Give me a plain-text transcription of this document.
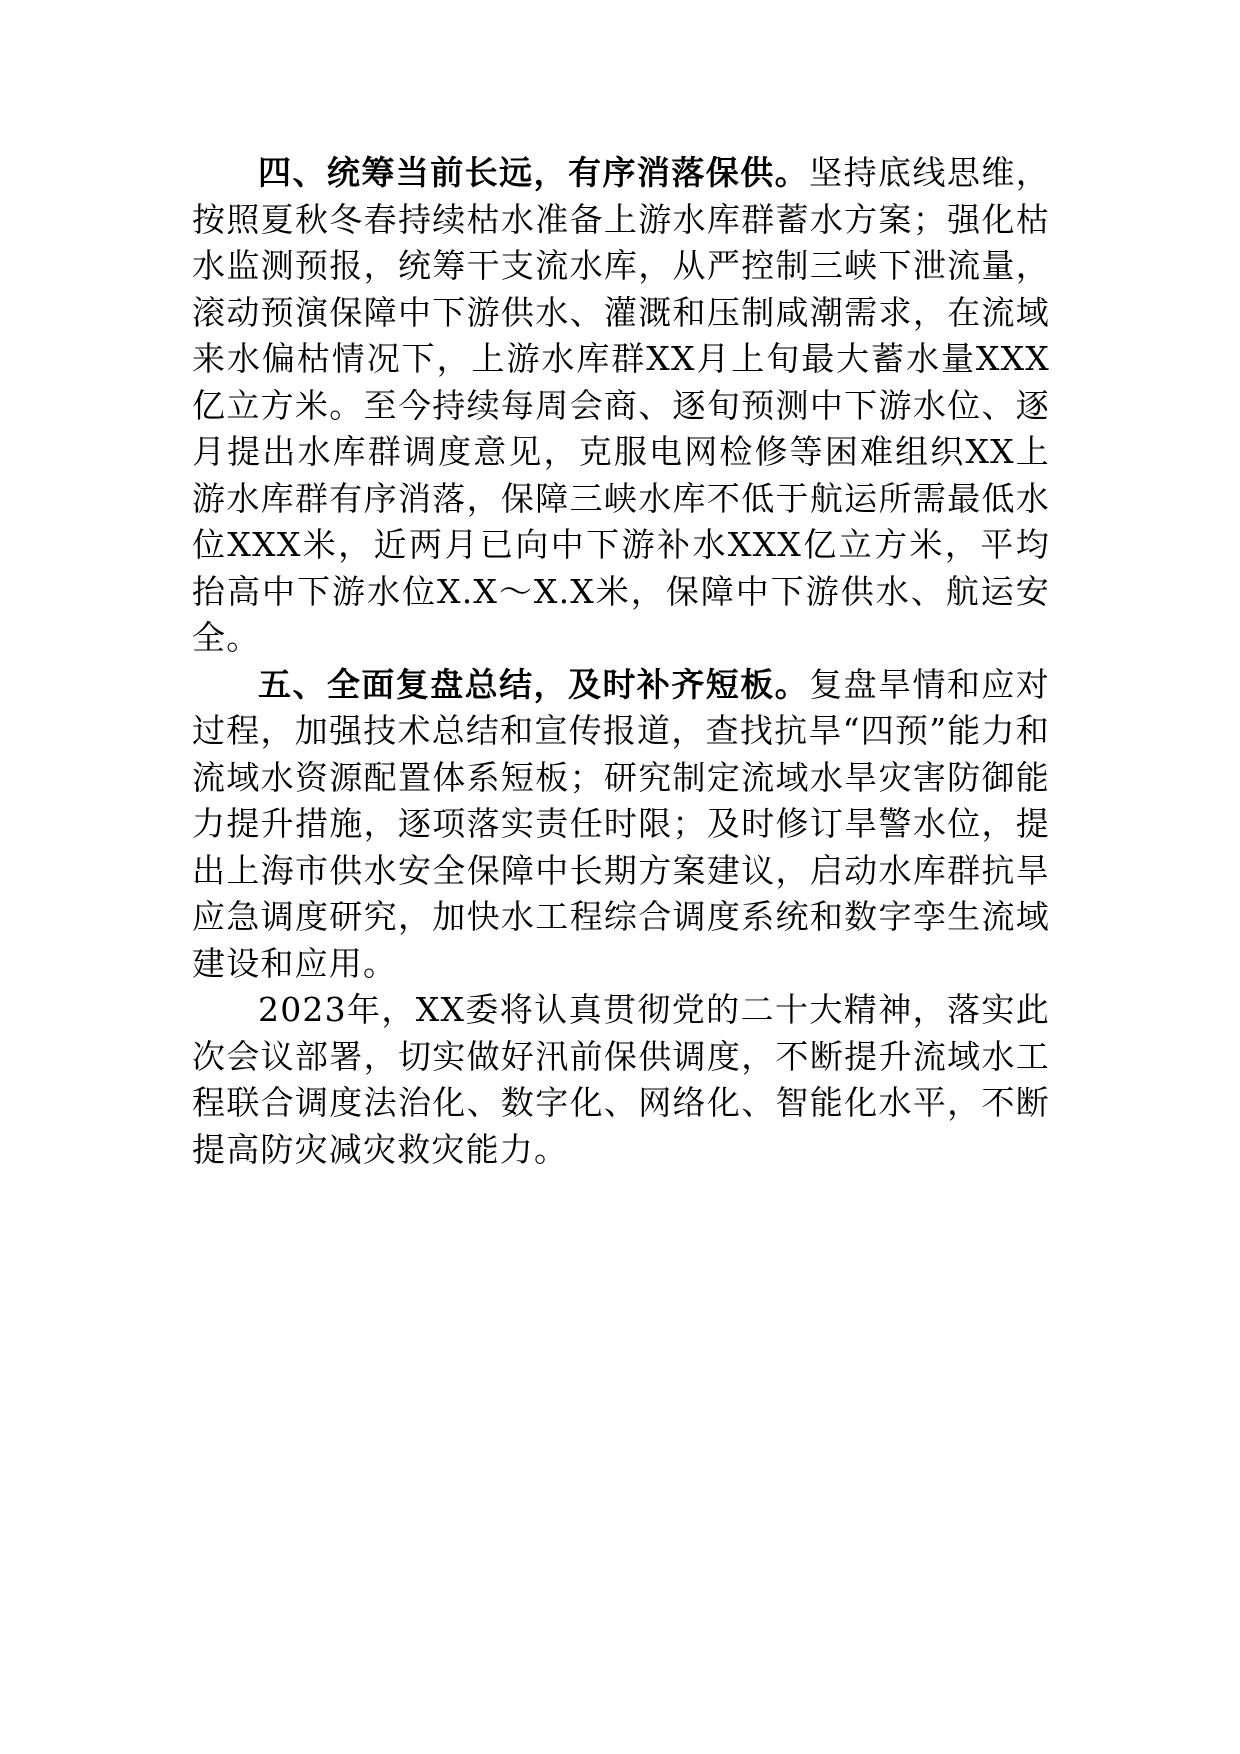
四、统筹当前长远，有序消落保供。坚持底线思维，按照夏秋冬春持续枯水准备上游水库群蓄水方案；强化枯水监测预报，统筹干支流水库，从严控制三峡下泄流量，滚动预演保障中下游供水、灌溉和压制咸潮需求，在流域来水偏枯情况下，上游水库群XX月上旬最大蓄水量XXX亿立方米。至今持续每周会商、逐旬预测中下游水位、逐月提出水库群调度意见，克服电网检修等困难组织XX上游水库群有序消落，保障三峡水库不低于航运所需最低水位XXX米，近两月已向中下游补水XXX亿立方米，平均抬高中下游水位X.X～X.X米，保障中下游供水、航运安全。

五、全面复盘总结，及时补齐短板。复盘旱情和应对过程，加强技术总结和宣传报道，查找抗旱“四预”能力和流域水资源配置体系短板；研究制定流域水旱灾害防御能力提升措施，逐项落实责任时限；及时修订旱警水位，提出上海市供水安全保障中长期方案建议，启动水库群抗旱应急调度研究，加快水工程综合调度系统和数字孪生流域建设和应用。

2023年，XX委将认真贯彻党的二十大精神，落实此次会议部署，切实做好汛前保供调度，不断提升流域水工程联合调度法治化、数字化、网络化、智能化水平，不断提高防灾减灾救灾能力。
